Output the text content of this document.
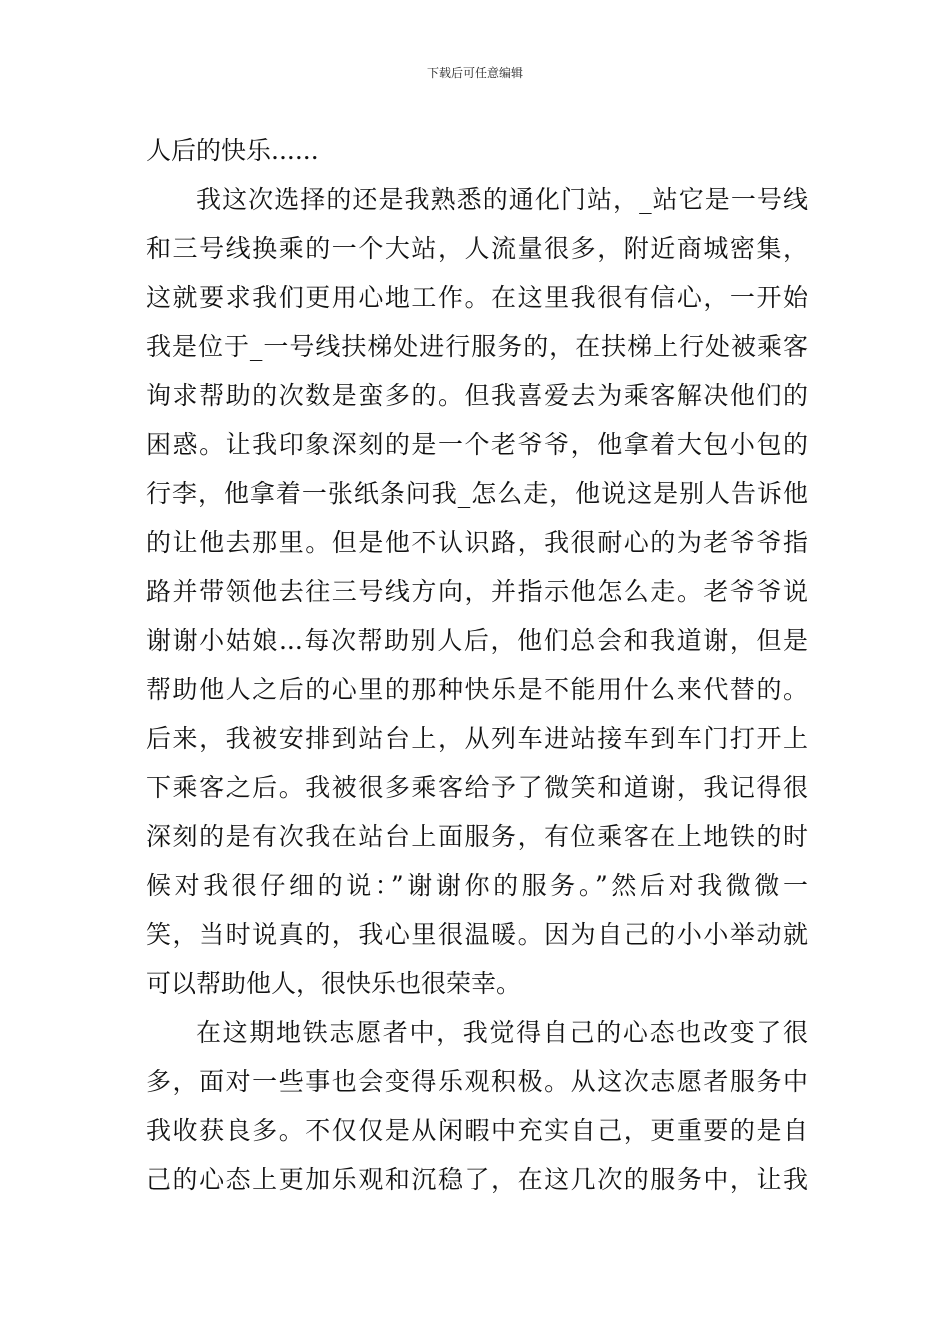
下载后可任意编辑
人后的快乐......
我这次选择的还是我熟悉的通化门站，_站它是一号线
和三号线换乘的一个大站，人流量很多，附近商城密集，
这就要求我们更用心地工作。在这里我很有信心，一开始
我是位于_一号线扶梯处进行服务的，在扶梯上行处被乘客
询求帮助的次数是蛮多的。但我喜爱去为乘客解决他们的
困惑。让我印象深刻的是一个老爷爷，他拿着大包小包的
行李，他拿着一张纸条问我_怎么走，他说这是别人告诉他
的让他去那里。但是他不认识路，我很耐心的为老爷爷指
路并带领他去往三号线方向，并指示他怎么走。老爷爷说
谢谢小姑娘...每次帮助别人后，他们总会和我道谢，但是
帮助他人之后的心里的那种快乐是不能用什么来代替的。
后来，我被安排到站台上，从列车进站接车到车门打开上
下乘客之后。我被很多乘客给予了微笑和道谢，我记得很
深刻的是有次我在站台上面服务，有位乘客在上地铁的时
候对我很仔细的说：”谢谢你的服务。”然后对我微微一
笑，当时说真的，我心里很温暖。因为自己的小小举动就
可以帮助他人，很快乐也很荣幸。
在这期地铁志愿者中，我觉得自己的心态也改变了很
多，面对一些事也会变得乐观积极。从这次志愿者服务中
我收获良多。不仅仅是从闲暇中充实自己，更重要的是自
己的心态上更加乐观和沉稳了，在这几次的服务中，让我
